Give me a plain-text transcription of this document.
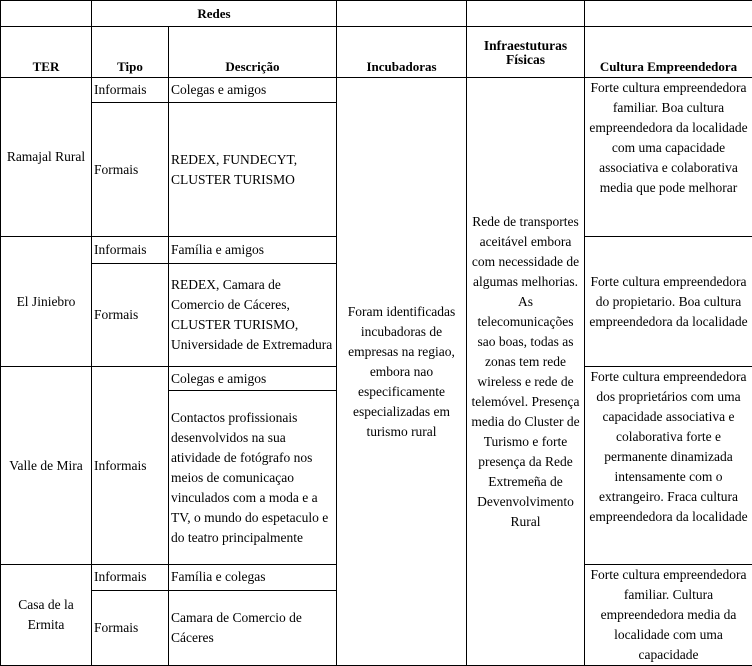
	Redes				
TER	Tipo	Descrição	Incubadoras	Infraestuturas Físicas	Cultura Empreendedora
Ramajal Rural	Informais	Colegas e amigos	Foram identificadas incubadoras de empresas na regiao, embora nao especificamente especializadas em turismo rural	Rede de transportes aceitável embora com necessidade de algumas melhorias. As telecomunicações sao boas, todas as zonas tem rede wireless e rede de telemóvel. Presença media do Cluster de Turismo e forte presença da Rede Extremeña de Devenvolvimento Rural	Forte cultura empreendedora familiar. Boa cultura empreendedora da localidade com uma capacidade associativa e colaborativa media que pode melhorar
	Formais	REDEX, FUNDECYT, CLUSTER TURISMO			
El Jiniebro	Informais	Família e amigos			Forte cultura empreendedora do propietario. Boa cultura empreendedora da localidade
	Formais	REDEX, Camara de Comercio de Cáceres, CLUSTER TURISMO, Universidade de Extremadura			
Valle de Mira	Informais	Colegas e amigos			Forte cultura empreendedora dos proprietários com uma capacidade associativa e colaborativa forte e permanente dinamizada intensamente com o extrangeiro. Fraca cultura empreendedora da localidade
		Contactos profissionais desenvolvidos na sua atividade de fotógrafo nos meios de comunicaçao vinculados com a moda e a TV, o mundo do espetaculo e do teatro principalmente			
Casa de la Ermita	Informais	Família e colegas			Forte cultura empreendedora familiar. Cultura empreendedora media da localidade com uma capacidade
	Formais	Camara de Comercio de Cáceres			
